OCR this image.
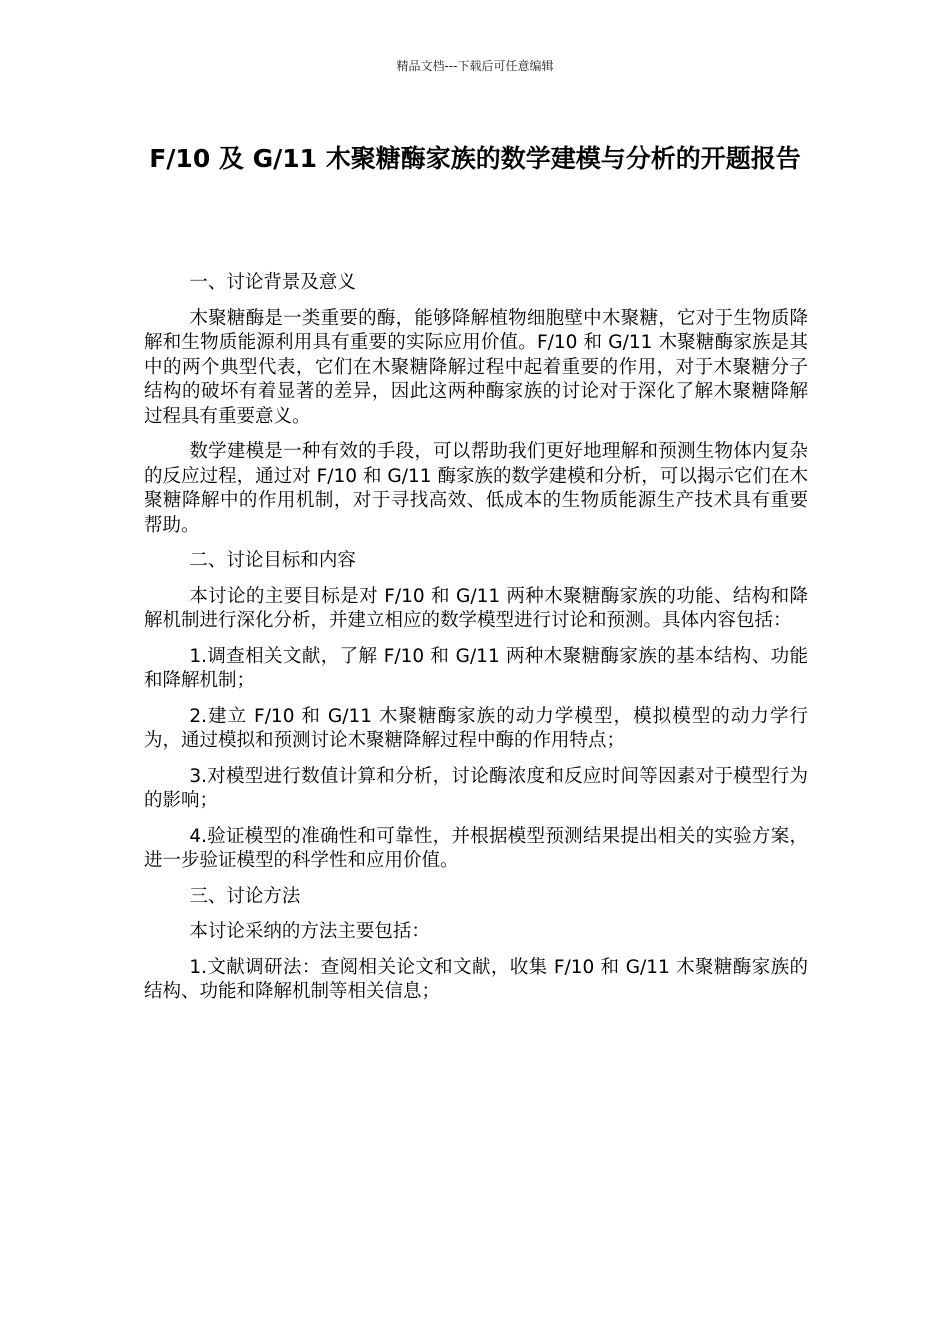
精品文档---下载后可任意编辑
F/10 及 G/11 木聚糖酶家族的数学建模与分析的开题报告

一、讨论背景及意义

木聚糖酶是一类重要的酶，能够降解植物细胞壁中木聚糖，它对于生物质降解和生物质能源利用具有重要的实际应用价值。F/10 和 G/11 木聚糖酶家族是其中的两个典型代表，它们在木聚糖降解过程中起着重要的作用，对于木聚糖分子结构的破坏有着显著的差异，因此这两种酶家族的讨论对于深化了解木聚糖降解过程具有重要意义。

数学建模是一种有效的手段，可以帮助我们更好地理解和预测生物体内复杂的反应过程，通过对 F/10 和 G/11 酶家族的数学建模和分析，可以揭示它们在木聚糖降解中的作用机制，对于寻找高效、低成本的生物质能源生产技术具有重要帮助。

二、讨论目标和内容

本讨论的主要目标是对 F/10 和 G/11 两种木聚糖酶家族的功能、结构和降解机制进行深化分析，并建立相应的数学模型进行讨论和预测。具体内容包括：

1.调查相关文献，了解 F/10 和 G/11 两种木聚糖酶家族的基本结构、功能和降解机制；

2.建立 F/10 和 G/11 木聚糖酶家族的动力学模型，模拟模型的动力学行为，通过模拟和预测讨论木聚糖降解过程中酶的作用特点；

3.对模型进行数值计算和分析，讨论酶浓度和反应时间等因素对于模型行为的影响；

4.验证模型的准确性和可靠性，并根据模型预测结果提出相关的实验方案，进一步验证模型的科学性和应用价值。

三、讨论方法

本讨论采纳的方法主要包括：

1.文献调研法：查阅相关论文和文献，收集 F/10 和 G/11 木聚糖酶家族的结构、功能和降解机制等相关信息；
